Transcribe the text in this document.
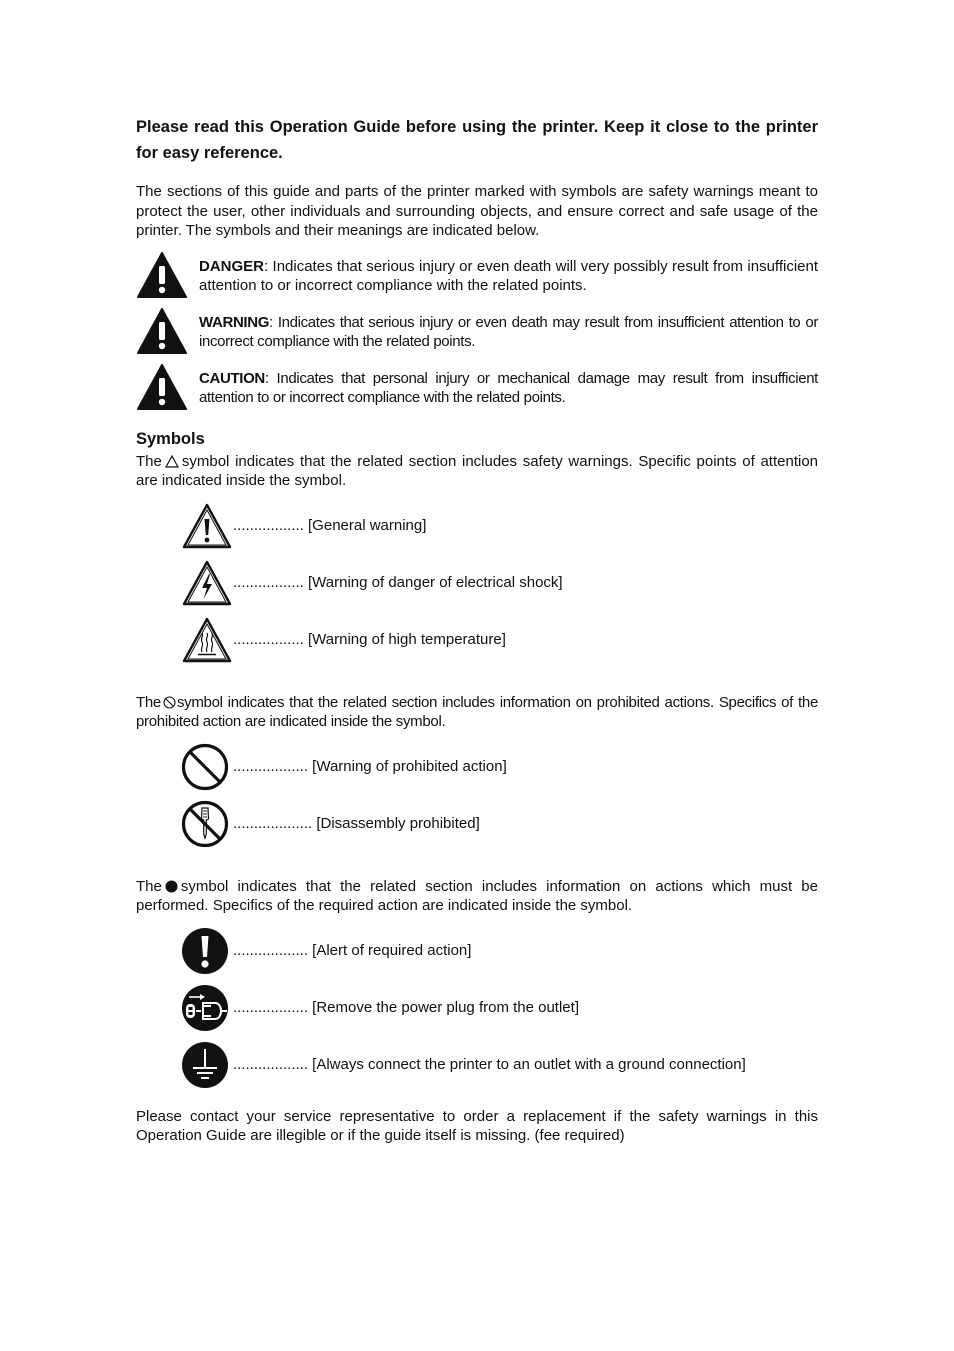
Please read this Operation Guide before using the printer. Keep it close to the printer for easy reference.

The sections of this guide and parts of the printer marked with symbols are safety warnings meant to protect the user, other individuals and surrounding objects, and ensure correct and safe usage of the printer. The symbols and their meanings are indicated below.

DANGER: Indicates that serious injury or even death will very possibly result from insufficient attention to or incorrect compliance with the related points.
WARNING: Indicates that serious injury or even death may result from insufficient attention to or incorrect compliance with the related points.
CAUTION: Indicates that personal injury or mechanical damage may result from insufficient attention to or incorrect compliance with the related points.
Symbols

The symbol indicates that the related section includes safety warnings. Specific points of attention are indicated inside the symbol.

................. [General warning]
................. [Warning of danger of electrical shock]
................. [Warning of high temperature]

The symbol indicates that the related section includes information on prohibited actions. Specifics of the prohibited action are indicated inside the symbol.

.................. [Warning of prohibited action]
................... [Disassembly prohibited]

The symbol indicates that the related section includes information on actions which must be performed. Specifics of the required action are indicated inside the symbol.

.................. [Alert of required action]
.................. [Remove the power plug from the outlet]
.................. [Always connect the printer to an outlet with a ground connection]

Please contact your service representative to order a replacement if the safety warnings in this Operation Guide are illegible or if the guide itself is missing. (fee required)
